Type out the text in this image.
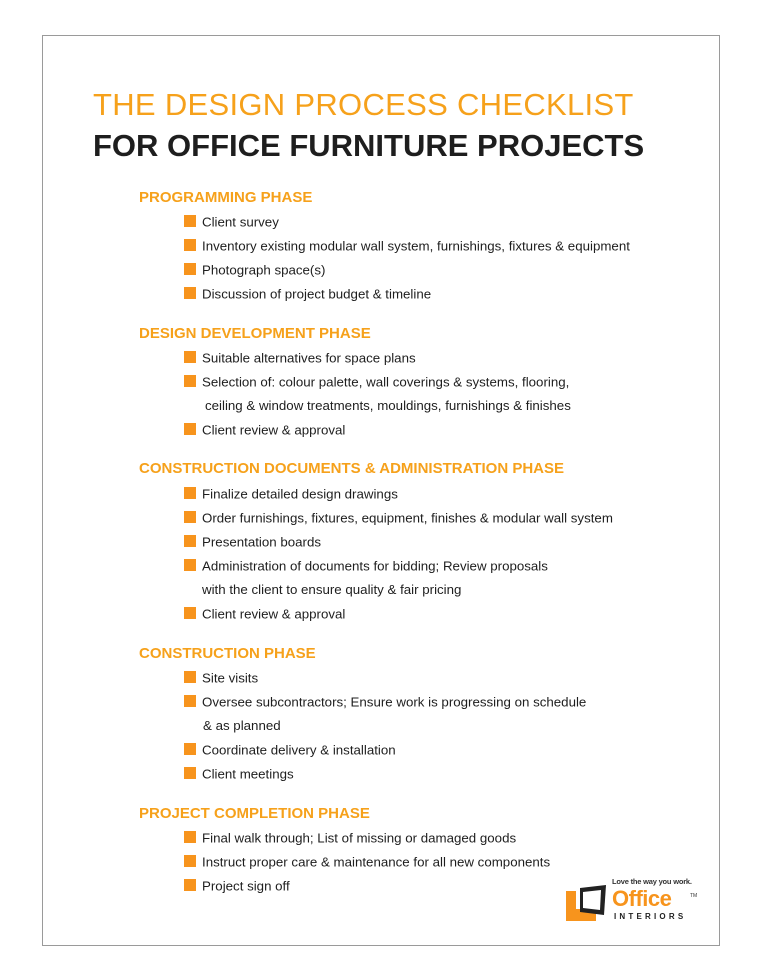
THE DESIGN PROCESS CHECKLIST
FOR OFFICE FURNITURE PROJECTS
PROGRAMMING PHASE
Client survey
Inventory existing modular wall system, furnishings, fixtures & equipment
Photograph space(s)
Discussion of project budget & timeline
DESIGN DEVELOPMENT PHASE
Suitable alternatives for space plans
Selection of: colour palette, wall coverings & systems, flooring,
ceiling & window treatments, mouldings, furnishings & finishes
Client review & approval
CONSTRUCTION DOCUMENTS & ADMINISTRATION PHASE
Finalize detailed design drawings
Order furnishings, fixtures, equipment, finishes & modular wall system
Presentation boards
Administration of documents for bidding; Review proposals
with the client to ensure quality & fair pricing
Client review & approval
CONSTRUCTION PHASE
Site visits
Oversee subcontractors; Ensure work is progressing on schedule
& as planned
Coordinate delivery & installation
Client meetings
PROJECT COMPLETION PHASE
Final walk through; List of missing or damaged goods
Instruct proper care & maintenance for all new components
Project sign off	Love the way you work.
Office	TM
INTERIORS
